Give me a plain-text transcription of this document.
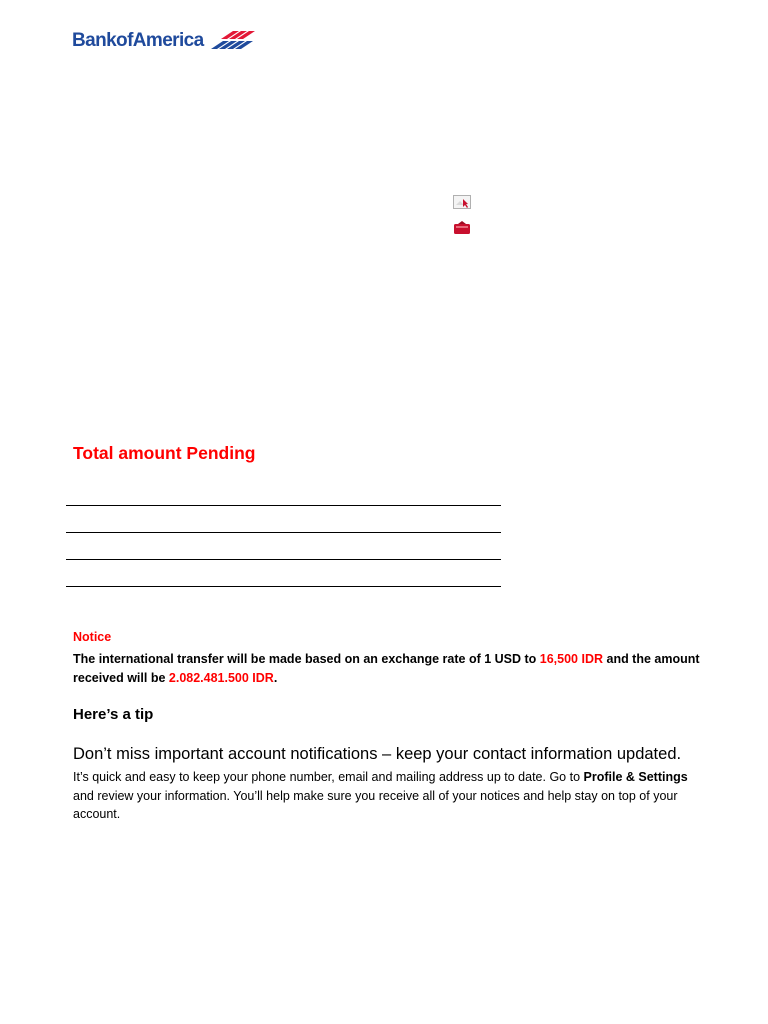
BankofAmerica
Total amount Pending
Notice

The international transfer will be made based on an exchange rate of 1 USD to 16,500 IDR and the amount received will be 2.082.481.500 IDR.

Here’s a tip

Don’t miss important account notifications – keep your contact information updated.

It’s quick and easy to keep your phone number, email and mailing address up to date. Go to Profile & Settings and review your information. You’ll help make sure you receive all of your notices and help stay on top of your account.
